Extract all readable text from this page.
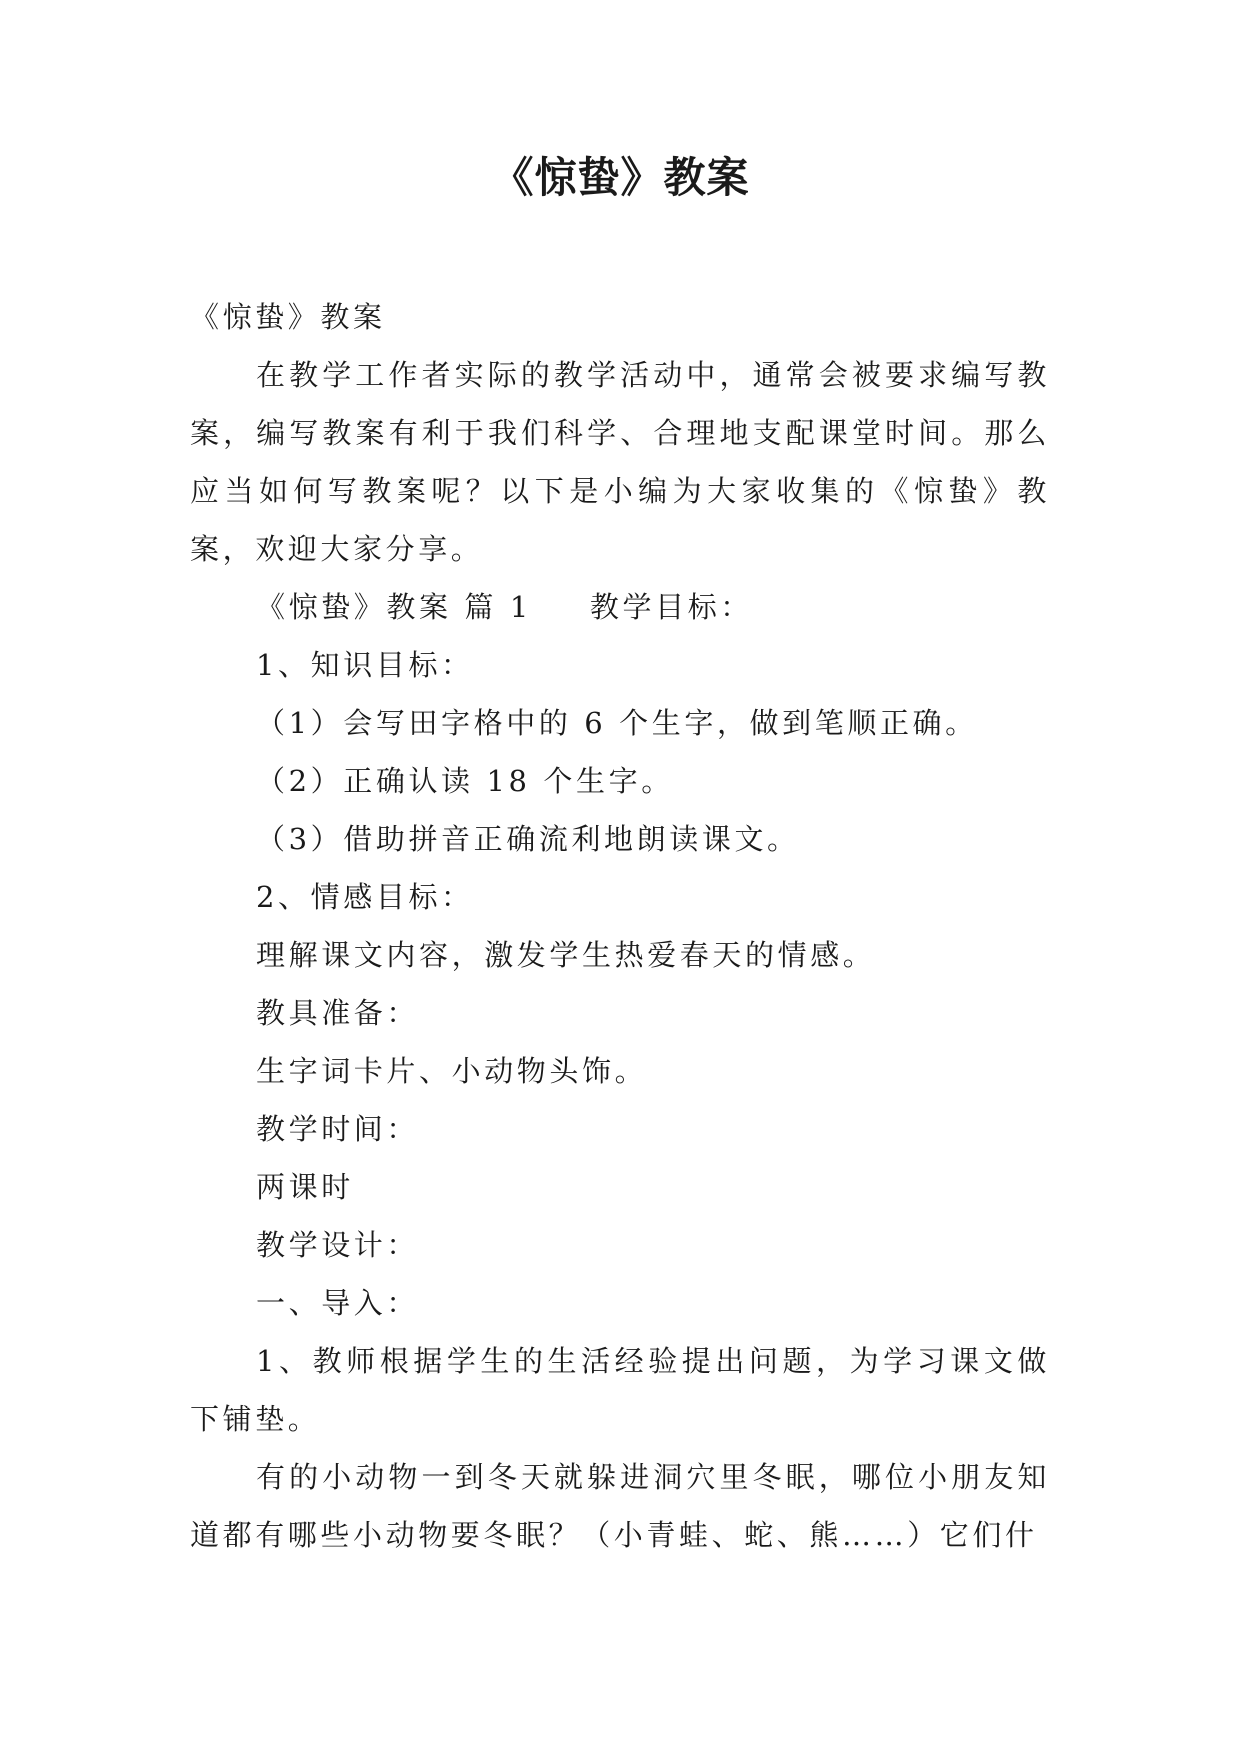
《惊蛰》教案

《惊蛰》教案

在教学工作者实际的教学活动中，通常会被要求编写教案，编写教案有利于我们科学、合理地支配课堂时间。那么应当如何写教案呢？以下是小编为大家收集的《惊蛰》教案，欢迎大家分享。

《惊蛰》教案 篇 1 教学目标：

1、知识目标：

（1）会写田字格中的 6 个生字，做到笔顺正确。

（2）正确认读 18 个生字。

（3）借助拼音正确流利地朗读课文。

2、情感目标：

理解课文内容，激发学生热爱春天的情感。

教具准备：

生字词卡片、小动物头饰。

教学时间：

两课时

教学设计：

一、导入：

1、教师根据学生的生活经验提出问题，为学习课文做下铺垫。

有的小动物一到冬天就躲进洞穴里冬眠，哪位小朋友知道都有哪些小动物要冬眠？（小青蛙、蛇、熊……）它们什
